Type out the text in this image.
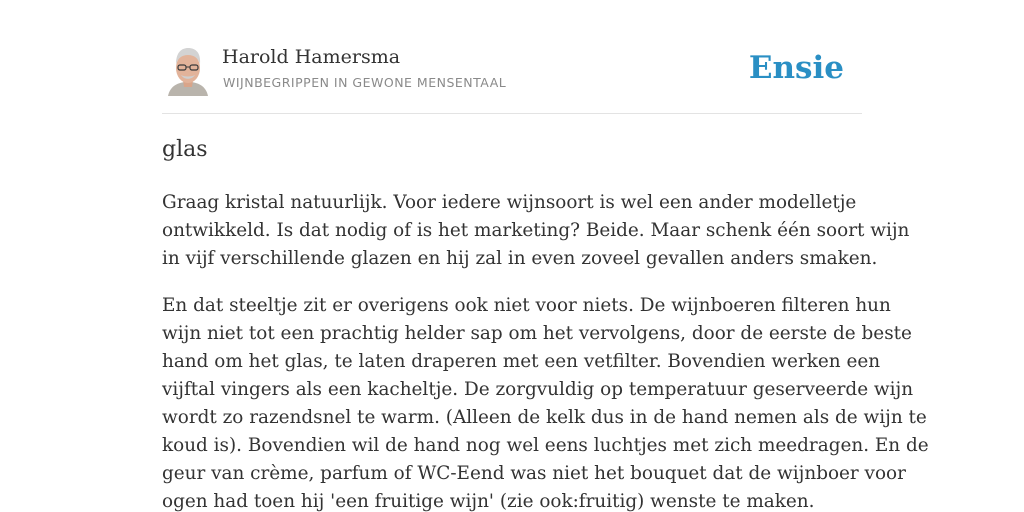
Harold Hamersma
WIJNBEGRIPPEN IN GEWONE MENSENTAAL	Ensie
glas

Graag kristal natuurlijk. Voor iedere wijnsoort is wel een ander modelletje
ontwikkeld. Is dat nodig of is het marketing? Beide. Maar schenk één soort wijn
in vijf verschillende glazen en hij zal in even zoveel gevallen anders smaken.

En dat steeltje zit er overigens ook niet voor niets. De wijnboeren filteren hun
wijn niet tot een prachtig helder sap om het vervolgens, door de eerste de beste
hand om het glas, te laten draperen met een vetfilter. Bovendien werken een
vijftal vingers als een kacheltje. De zorgvuldig op temperatuur geserveerde wijn
wordt zo razendsnel te warm. (Alleen de kelk dus in de hand nemen als de wijn te
koud is). Bovendien wil de hand nog wel eens luchtjes met zich meedragen. En de
geur van crème, parfum of WC-Eend was niet het bouquet dat de wijnboer voor
ogen had toen hij 'een fruitige wijn' (zie ook:fruitig) wenste te maken.
